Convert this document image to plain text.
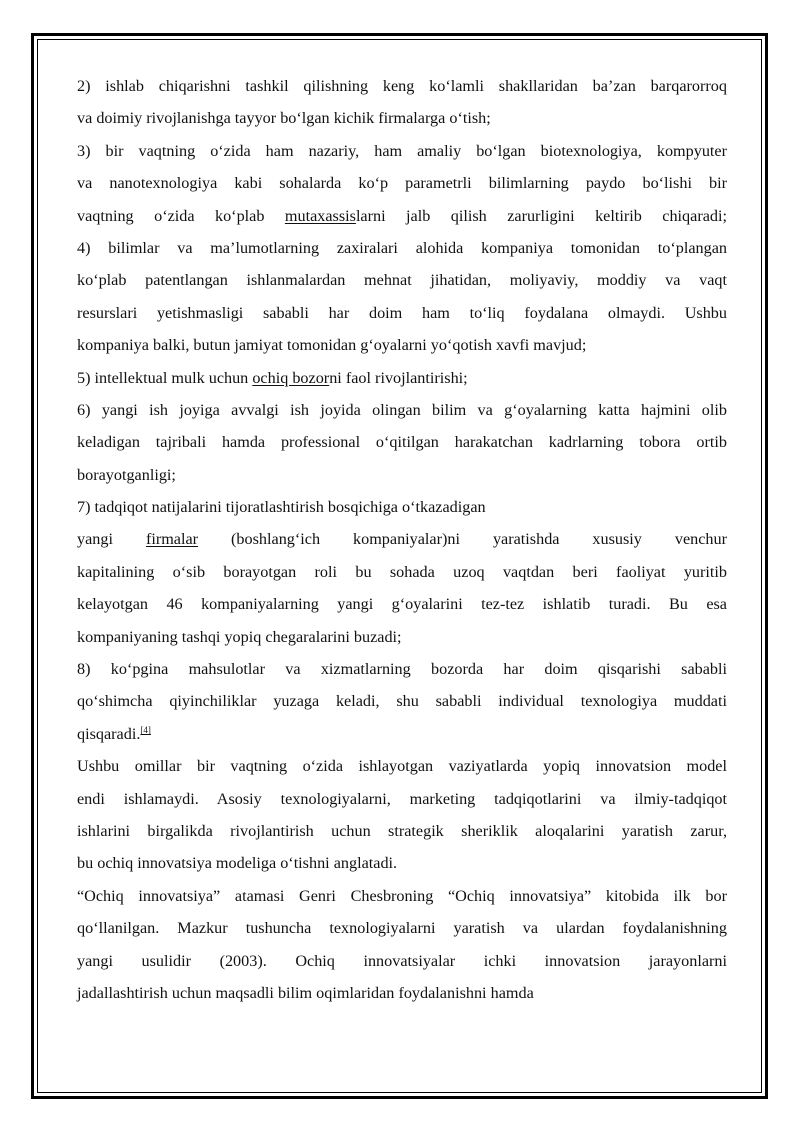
2) ishlab chiqarishni tashkil qilishning keng ko‘lamli shakllaridan ba’zan barqarorroq
va doimiy rivojlanishga tayyor bo‘lgan kichik firmalarga o‘tish;
3) bir vaqtning o‘zida ham nazariy, ham amaliy bo‘lgan biotexnologiya, kompyuter
va nanotexnologiya kabi sohalarda ko‘p parametrli bilimlarning paydo bo‘lishi bir
vaqtning o‘zida ko‘plab mutaxassislarni jalb qilish zarurligini keltirib chiqaradi;
4) bilimlar va ma’lumotlarning zaxiralari alohida kompaniya tomonidan to‘plangan
ko‘plab patentlangan ishlanmalardan mehnat jihatidan, moliyaviy, moddiy va vaqt
resurslari yetishmasligi sababli har doim ham to‘liq foydalana olmaydi. Ushbu
kompaniya balki, butun jamiyat tomonidan g‘oyalarni yo‘qotish xavfi mavjud;
5) intellektual mulk uchun ochiq bozorni faol rivojlantirishi;
6) yangi ish joyiga avvalgi ish joyida olingan bilim va g‘oyalarning katta hajmini olib
keladigan tajribali hamda professional o‘qitilgan harakatchan kadrlarning tobora ortib
borayotganligi;
7) tadqiqot natijalarini tijoratlashtirish bosqichiga o‘tkazadigan
yangi firmalar (boshlang‘ich kompaniyalar)ni yaratishda xususiy venchur
kapitalining o‘sib borayotgan roli bu sohada uzoq vaqtdan beri faoliyat yuritib
kelayotgan 46 kompaniyalarning yangi g‘oyalarini tez-tez ishlatib turadi. Bu esa
kompaniyaning tashqi yopiq chegaralarini buzadi;
8) ko‘pgina mahsulotlar va xizmatlarning bozorda har doim qisqarishi sababli
qo‘shimcha qiyinchiliklar yuzaga keladi, shu sababli individual texnologiya muddati
qisqaradi.[4]
Ushbu omillar bir vaqtning o‘zida ishlayotgan vaziyatlarda yopiq innovatsion model
endi ishlamaydi. Asosiy texnologiyalarni, marketing tadqiqotlarini va ilmiy-tadqiqot
ishlarini birgalikda rivojlantirish uchun strategik sheriklik aloqalarini yaratish zarur,
bu ochiq innovatsiya modeliga o‘tishni anglatadi.
“Ochiq innovatsiya” atamasi Genri Chesbroning “Ochiq innovatsiya” kitobida ilk bor
qo‘llanilgan. Mazkur tushuncha texnologiyalarni yaratish va ulardan foydalanishning
yangi usulidir (2003). Ochiq innovatsiyalar ichki innovatsion jarayonlarni
jadallashtirish uchun maqsadli bilim oqimlaridan foydalanishni hamda
